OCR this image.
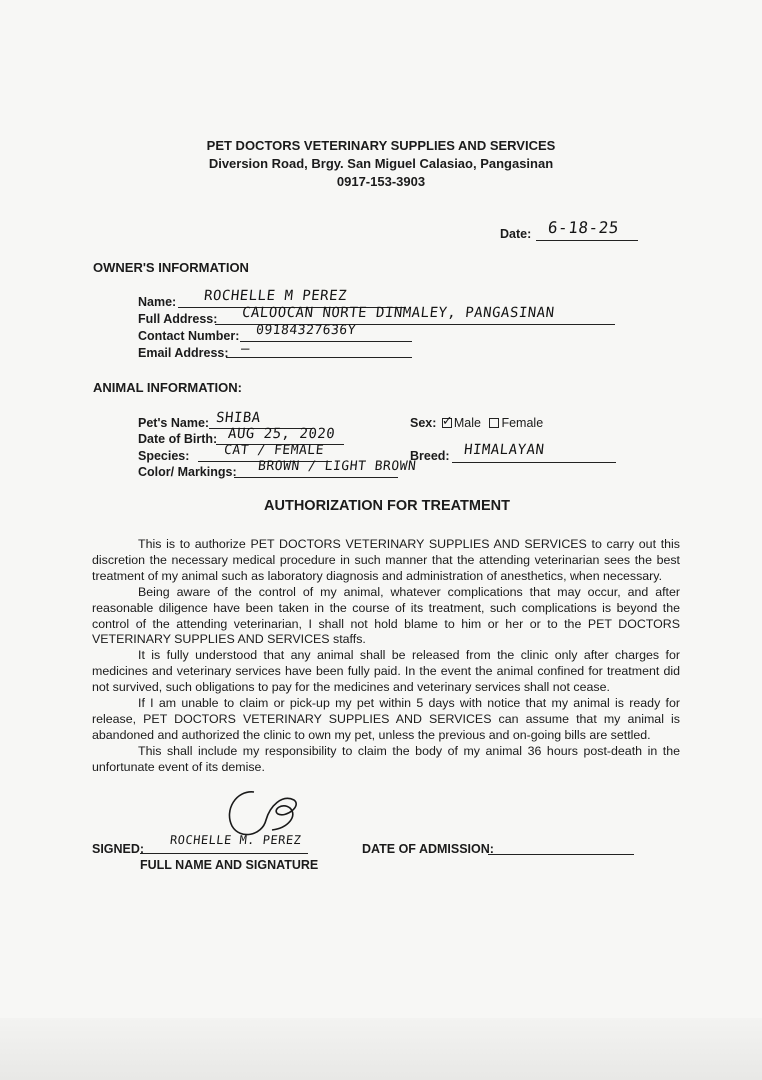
PET DOCTORS VETERINARY SUPPLIES AND SERVICES
Diversion Road, Brgy. San Miguel Calasiao, Pangasinan
0917-153-3903
Date: 6-18-25
OWNER'S INFORMATION
Name: ROCHELLE M PEREZ
Full Address: CALOOCAN NORTE DINMALEY, PANGASINAN
Contact Number: 09184327636Y
Email Address: –
ANIMAL INFORMATION:
Pet's Name: SHIBA
Date of Birth: AUG 25, 2020
Species:	CAT / FEMALE
Color/ Markings: BROWN / LIGHT BROWN
Sex: ✓ Male Female
Breed: HIMALAYAN
AUTHORIZATION FOR TREATMENT

This is to authorize PET DOCTORS VETERINARY SUPPLIES AND SERVICES to carry out this discretion the necessary medical procedure in such manner that the attending veterinarian sees the best treatment of my animal such as laboratory diagnosis and administration of anesthetics, when necessary.

Being aware of the control of my animal, whatever complications that may occur, and after reasonable diligence have been taken in the course of its treatment, such complications is beyond the control of the attending veterinarian, I shall not hold blame to him or her or to the PET DOCTORS VETERINARY SUPPLIES AND SERVICES staffs.

It is fully understood that any animal shall be released from the clinic only after charges for medicines and veterinary services have been fully paid. In the event the animal confined for treatment did not survived, such obligations to pay for the medicines and veterinary services shall not cease.

If I am unable to claim or pick-up my pet within 5 days with notice that my animal is ready for release, PET DOCTORS VETERINARY SUPPLIES AND SERVICES can assume that my animal is abandoned and authorized the clinic to own my pet, unless the previous and on-going bills are settled.

This shall include my responsibility to claim the body of my animal 36 hours post-death in the unfortunate event of its demise.

SIGNED:
ROCHELLE M. PEREZ
FULL NAME AND SIGNATURE
DATE OF ADMISSION:
